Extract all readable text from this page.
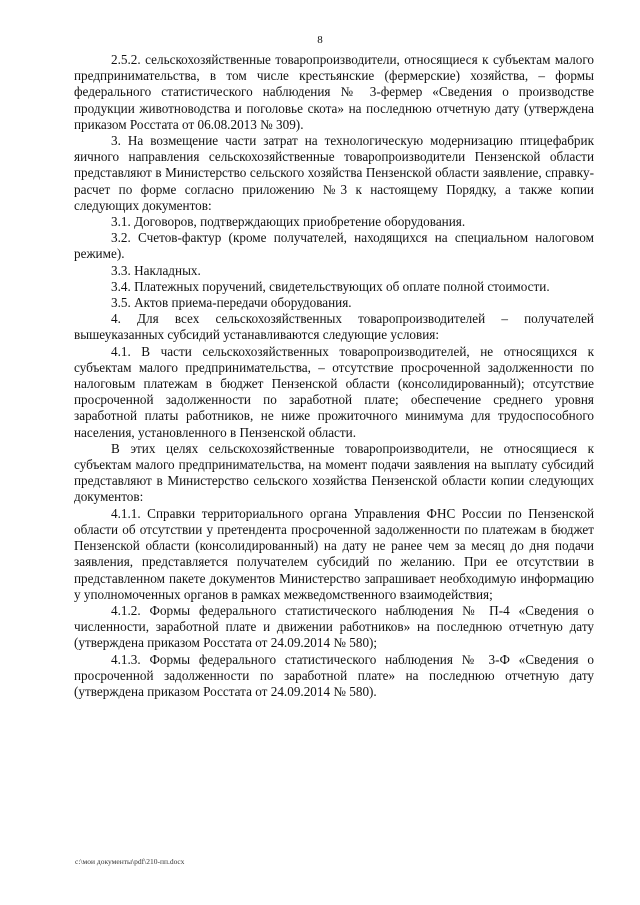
8

2.5.2. сельскохозяйственные товаропроизводители, относящиеся к субъектам малого предпринимательства, в том числе крестьянские (фермерские) хозяйства, – формы федерального статистического наблюдения № 3-фермер «Сведения о производстве продукции животноводства и поголовье скота» на последнюю отчетную дату (утверждена приказом Росстата от 06.08.2013 № 309).

3. На возмещение части затрат на технологическую модернизацию птицефабрик яичного направления сельскохозяйственные товаропроизводители Пензенской области представляют в Министерство сельского хозяйства Пензенской области заявление, справку-расчет по форме согласно приложению №3 к настоящему Порядку, а также копии следующих документов:

3.1. Договоров, подтверждающих приобретение оборудования.

3.2. Счетов-фактур (кроме получателей, находящихся на специальном налоговом режиме).

3.3. Накладных.

3.4. Платежных поручений, свидетельствующих об оплате полной стоимости.

3.5. Актов приема-передачи оборудования.

4. Для всех сельскохозяйственных товаропроизводителей – получателей вышеуказанных субсидий устанавливаются следующие условия:

4.1. В части сельскохозяйственных товаропроизводителей, не относящихся к субъектам малого предпринимательства, – отсутствие просроченной задолженности по налоговым платежам в бюджет Пензенской области (консолидированный); отсутствие просроченной задолженности по заработной плате; обеспечение среднего уровня заработной платы работников, не ниже прожиточного минимума для трудоспособного населения, установленного в Пензенской области.

В этих целях сельскохозяйственные товаропроизводители, не относящиеся к субъектам малого предпринимательства, на момент подачи заявления на выплату субсидий представляют в Министерство сельского хозяйства Пензенской области копии следующих документов:

4.1.1. Справки территориального органа Управления ФНС России по Пензенской области об отсутствии у претендента просроченной задолженности по платежам в бюджет Пензенской области (консолидированный) на дату не ранее чем за месяц до дня подачи заявления, представляется получателем субсидий по желанию. При ее отсутствии в представленном пакете документов Министерство запрашивает необходимую информацию у уполномоченных органов в рамках межведомственного взаимодействия;

4.1.2. Формы федерального статистического наблюдения № П-4 «Сведения о численности, заработной плате и движении работников» на последнюю отчетную дату (утверждена приказом Росстата от 24.09.2014 № 580);

4.1.3. Формы федерального статистического наблюдения № 3-Ф «Сведения о просроченной задолженности по заработной плате» на последнюю отчетную дату (утверждена приказом Росстата от 24.09.2014 № 580).

c:\мои документы\pdf\210-пп.docx
